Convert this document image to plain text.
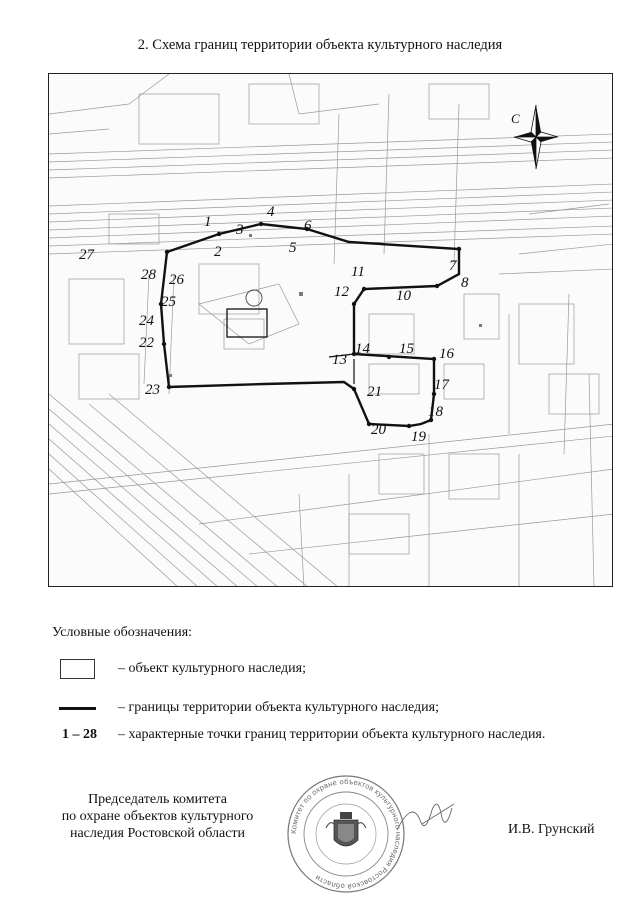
2. Схема границ территории объекта культурного наследия
1
2
3
4
5
6
7
8
10
11
12
13
14 15 16
17
18
19
20
21
22
23
24
25
26
27
28
С
Условные обозначения:
– объект культурного наследия;
– границы территории объекта культурного наследия;
1 – 28 – характерные точки границ территории объекта культурного наследия.
Председатель комитета
по охране объектов культурного
наследия Ростовской области	Комитет по охране объектов культурного наследия Ростовской области
И.В. Грунский
